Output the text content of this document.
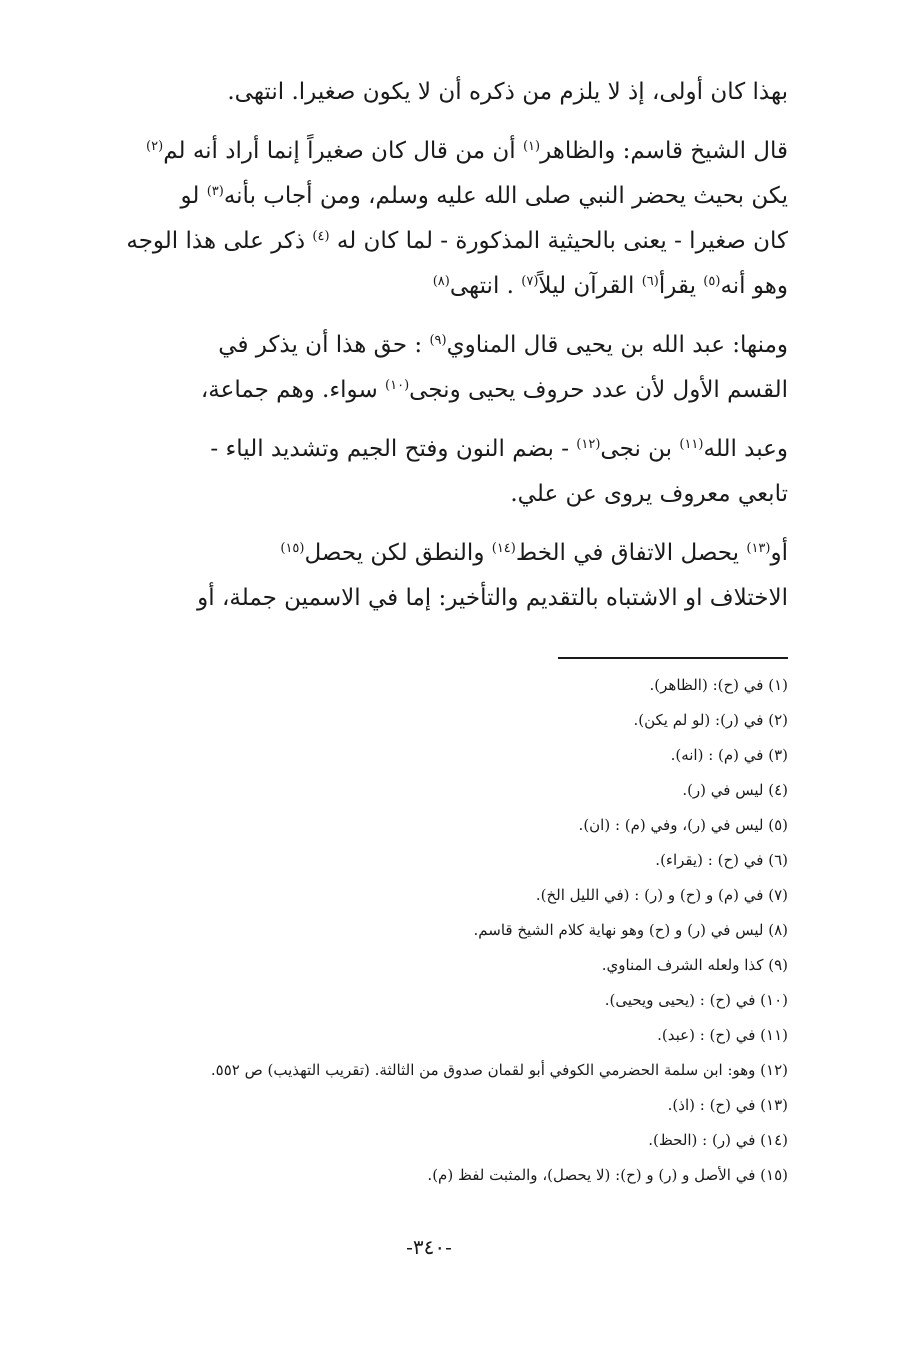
بهذا كان أولى، إذ لا يلزم من ذكره أن لا يكون صغيرا. انتهى.

قال الشيخ قاسم: والظاهر$^{(١)}$ أن من قال كان صغيراً إنما أراد أنه لم$^{(٢)}$
يكن بحيث يحضر النبي صلى الله عليه وسلم، ومن أجاب بأنه$^{(٣)}$ لو
كان صغيرا - يعنى بالحيثية المذكورة - لما كان له $^{(٤)}$ ذكر على هذا الوجه
وهو أنه$^{(٥)}$ يقرأ$^{(٦)}$ القرآن ليلاً$^{(٧)}$ . انتهى$^{(٨)}$

ومنها: عبد الله بن يحيى قال المناوي$^{(٩)}$ : حق هذا أن يذكر في
القسم الأول لأن عدد حروف يحيى ونجى$^{(١٠)}$ سواء. وهم جماعة،

وعبد الله$^{(١١)}$ بن نجى$^{(١٢)}$ - بضم النون وفتح الجيم وتشديد الياء -
تابعي معروف يروى عن علي.

أو$^{(١٣)}$ يحصل الاتفاق في الخط$^{(١٤)}$ والنطق لكن يحصل$^{(١٥)}$
الاختلاف او الاشتباه بالتقديم والتأخير: إما في الاسمين جملة، أو

(١) في (ح): (الظاهر).
(٢) في (ر): (لو لم يكن).
(٣) في (م) : (انه).
(٤) ليس في (ر).
(٥) ليس في (ر)، وفي (م) : (ان).
(٦) في (ح) : (يقراء).
(٧) في (م) و (ح) و (ر) : (في الليل الخ).
(٨) ليس في (ر) و (ح) وهو نهاية كلام الشيخ قاسم.
(٩) كذا ولعله الشرف المناوي.
(١٠) في (ح) : (يحيى ويحيى).
(١١) في (ح) : (عبد).
(١٢) وهو: ابن سلمة الحضرمي الكوفي أبو لقمان صدوق من الثالثة. (تقريب التهذيب) ص ٥٥٢.
(١٣) في (ح) : (اذ).
(١٤) في (ر) : (الحظ).
(١٥) في الأصل و (ر) و (ح): (لا يحصل)، والمثبت لفظ (م).
-٣٤٠-
